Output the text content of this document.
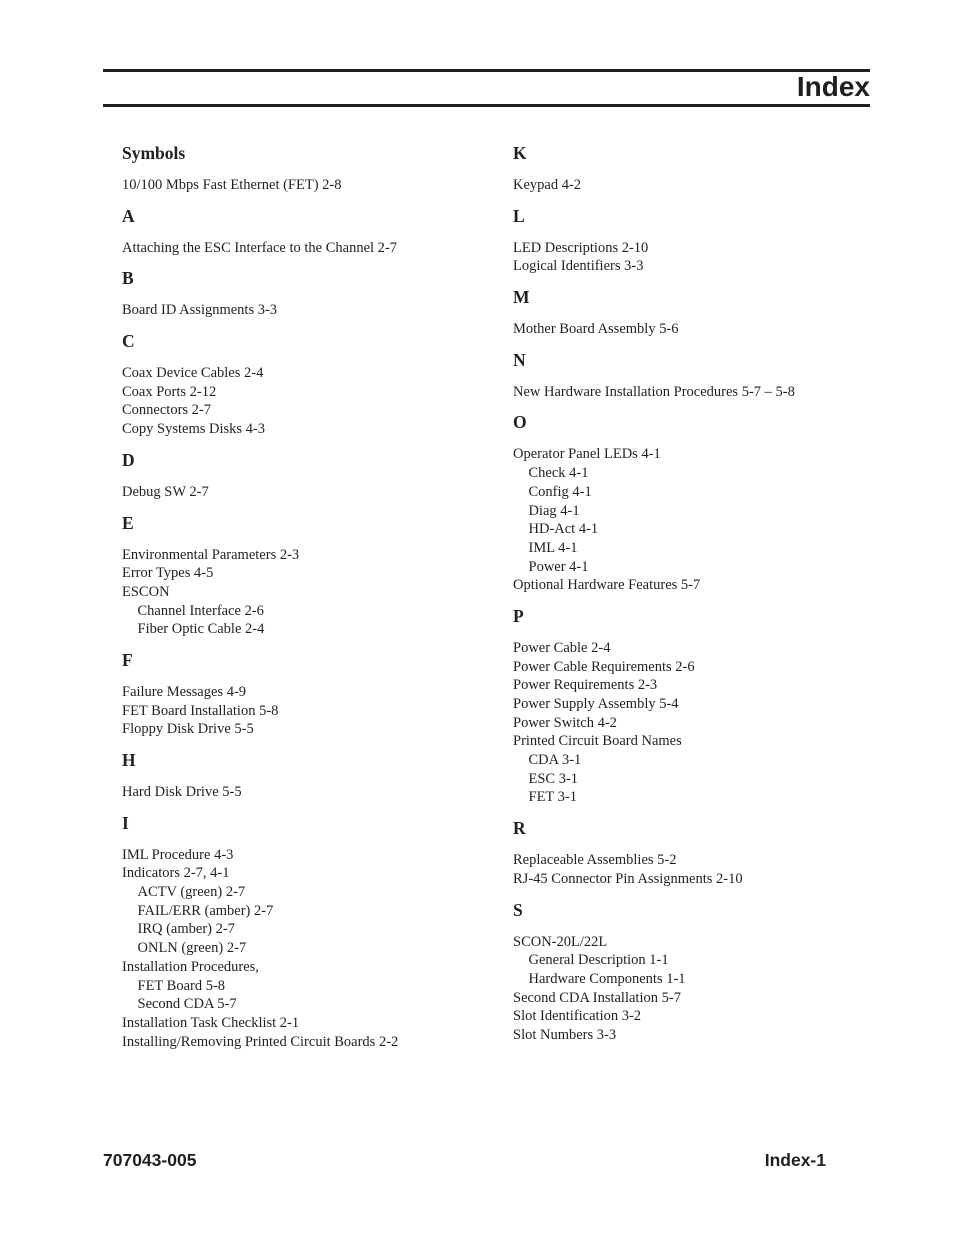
Index
Symbols
10/100 Mbps Fast Ethernet (FET) 2-8
A
Attaching the ESC Interface to the Channel 2-7
B
Board ID Assignments 3-3
C
Coax Device Cables 2-4
Coax Ports 2-12
Connectors 2-7
Copy Systems Disks 4-3
D
Debug SW 2-7
E
Environmental Parameters 2-3
Error Types 4-5
ESCON
Channel Interface 2-6
Fiber Optic Cable 2-4
F
Failure Messages 4-9
FET Board Installation 5-8
Floppy Disk Drive 5-5
H
Hard Disk Drive 5-5
I
IML Procedure 4-3
Indicators 2-7, 4-1
ACTV (green) 2-7
FAIL/ERR (amber) 2-7
IRQ (amber) 2-7
ONLN (green) 2-7
Installation Procedures,
FET Board 5-8
Second CDA 5-7
Installation Task Checklist 2-1
Installing/Removing Printed Circuit Boards 2-2
K
Keypad 4-2
L
LED Descriptions 2-10
Logical Identifiers 3-3
M
Mother Board Assembly 5-6
N
New Hardware Installation Procedures 5-7 – 5-8
O
Operator Panel LEDs 4-1
Check 4-1
Config 4-1
Diag 4-1
HD-Act 4-1
IML 4-1
Power 4-1
Optional Hardware Features 5-7
P
Power Cable 2-4
Power Cable Requirements 2-6
Power Requirements 2-3
Power Supply Assembly 5-4
Power Switch 4-2
Printed Circuit Board Names
CDA 3-1
ESC 3-1
FET 3-1
R
Replaceable Assemblies 5-2
RJ-45 Connector Pin Assignments 2-10
S
SCON-20L/22L
General Description 1-1
Hardware Components 1-1
Second CDA Installation 5-7
Slot Identification 3-2
Slot Numbers 3-3
707043-005	Index-1
